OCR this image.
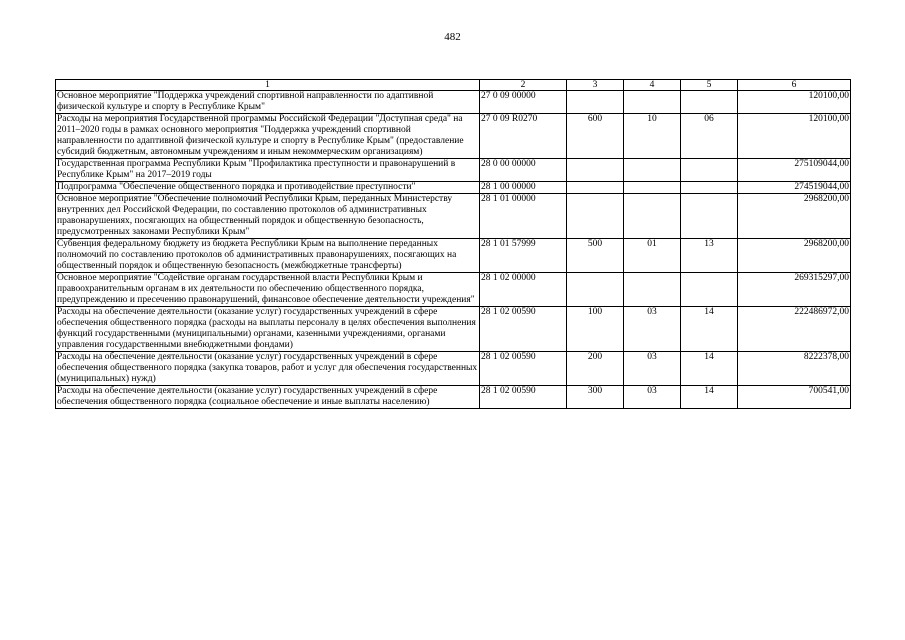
482
1	2	3	4	5	6
Основное мероприятие "Поддержка учреждений спортивной направленности по адаптивной физической культуре и спорту в Республике Крым"	27 0 09 00000				120100,00
Расходы на мероприятия Государственной программы Российской Федерации "Доступная среда" на 2011–2020 годы в рамках основного мероприятия "Поддержка учреждений спортивной направленности по адаптивной физической культуре и спорту в Республике Крым" (предоставление субсидий бюджетным, автономным учреждениям и иным некоммерческим организациям)	27 0 09 R0270	600	10	06	120100,00
Государственная программа Республики Крым "Профилактика преступности и правонарушений в Республике Крым" на 2017–2019 годы	28 0 00 00000				275109044,00
Подпрограмма "Обеспечение общественного порядка и противодействие преступности"	28 1 00 00000				274519044,00
Основное мероприятие "Обеспечение полномочий Республики Крым, переданных Министерству внутренних дел Российской Федерации, по составлению протоколов об административных правонарушениях, посягающих на общественный порядок и общественную безопасность, предусмотренных законами Республики Крым"	28 1 01 00000				2968200,00
Субвенция федеральному бюджету из бюджета Республики Крым на выполнение переданных полномочий по составлению протоколов об административных правонарушениях, посягающих на общественный порядок и общественную безопасность (межбюджетные трансферты)	28 1 01 57999	500	01	13	2968200,00
Основное мероприятие "Содействие органам государственной власти Республики Крым и правоохранительным органам в их деятельности по обеспечению общественного порядка, предупреждению и пресечению правонарушений, финансовое обеспечение деятельности учреждения"	28 1 02 00000				269315297,00
Расходы на обеспечение деятельности (оказание услуг) государственных учреждений в сфере обеспечения общественного порядка (расходы на выплаты персоналу в целях обеспечения выполнения функций государственными (муниципальными) органами, казенными учреждениями, органами управления государственными внебюджетными фондами)	28 1 02 00590	100	03	14	222486972,00
Расходы на обеспечение деятельности (оказание услуг) государственных учреждений в сфере обеспечения общественного порядка (закупка товаров, работ и услуг для обеспечения государственных (муниципальных) нужд)	28 1 02 00590	200	03	14	8222378,00
Расходы на обеспечение деятельности (оказание услуг) государственных учреждений в сфере обеспечения общественного порядка (социальное обеспечение и иные выплаты населению)	28 1 02 00590	300	03	14	700541,00
